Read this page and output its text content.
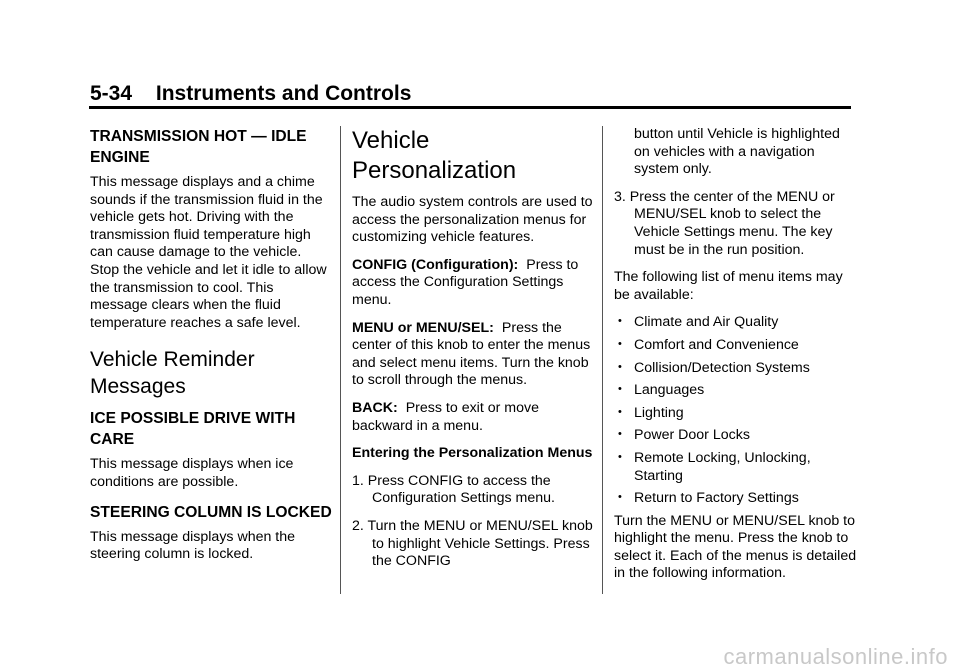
5-34 Instruments and Controls
TRANSMISSION HOT — IDLE ENGINE

This message displays and a chime sounds if the transmission fluid in the vehicle gets hot. Driving with the transmission fluid temperature high can cause damage to the vehicle. Stop the vehicle and let it idle to allow the transmission to cool. This message clears when the fluid temperature reaches a safe level.

Vehicle Reminder Messages
ICE POSSIBLE DRIVE WITH CARE

This message displays when ice conditions are possible.

STEERING COLUMN IS LOCKED

This message displays when the steering column is locked.

Vehicle Personalization

The audio system controls are used to access the personalization menus for customizing vehicle features.

CONFIG (Configuration): Press to access the Configuration Settings menu.

MENU or MENU/SEL: Press the center of this knob to enter the menus and select menu items. Turn the knob to scroll through the menus.

BACK: Press to exit or move backward in a menu.

Entering the Personalization Menus

1. Press CONFIG to access the Configuration Settings menu.

2. Turn the MENU or MENU/SEL knob to highlight Vehicle Settings. Press the CONFIG

button until Vehicle is highlighted on vehicles with a navigation system only.

3. Press the center of the MENU or MENU/SEL knob to select the Vehicle Settings menu. The key must be in the run position.

The following list of menu items may be available:

• Climate and Air Quality

• Comfort and Convenience

• Collision/Detection Systems

• Languages

• Lighting

• Power Door Locks

• Remote Locking, Unlocking, Starting

• Return to Factory Settings

Turn the MENU or MENU/SEL knob to highlight the menu. Press the knob to select it. Each of the menus is detailed in the following information.

carmanualsonline.info
